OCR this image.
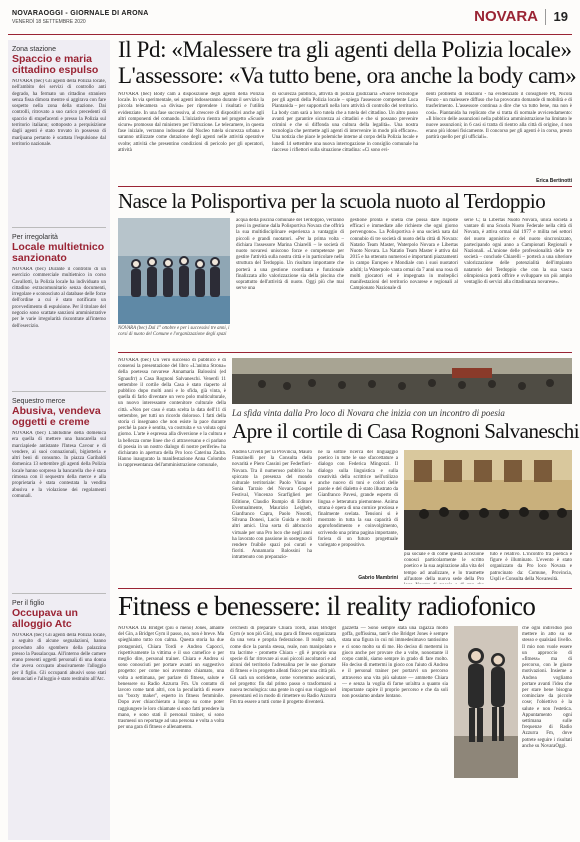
NOVARAOGGI - GIORNALE DI ARONA
VENERDÌ 18 SETTEMBRE 2020	NOVARA 19
Zona stazione
Spaccio e maria cittadino espulso
NOVARA (bec) Gli agenti della Polizia locale, nell'ambito dei servizi di controllo anti degrado, ha fermato un cittadino straniero senza fissa dimora mentre si aggirava con fare sospetto nella zona della stazione. Dai controlli, ritrovato a suo carico precedenti di spaccio di stupefacenti e presso la Polizia sul territorio italiano; sottoposto a perquisizione dagli agenti è stato trovato in possesso di marijuana pertanto è scattata l'espulsione dal territorio nazionale.
Per irregolarità
Locale multietnico sanzionato
NOVARA (bec) Durante il controllo di un esercizio commerciale multietnico in corso Cavallotti, la Polizia locale ha individuato un cittadino extracomunitario senza documenti, irregolare e sconosciuto al database delle forze dell'ordine a cui è stato notificato un provvedimento di espulsione. Per il titolare del negozio sono scattate sanzioni amministrative per le varie irregolarità riscontrate all'interno dell'esercizio.
Sequestro merce
Abusiva, vendeva oggetti e creme
NOVARA (bec) L'abitudine della domenica era quella di mettere una bancarella sul marciapiede antistante l'Intesa Cavour e di vendere, ai suoi connazionali, bigiotteria e altri beni di consumo. In piazza Garibaldi domenica 13 settembre gli agenti della Polizia locale hanno sorpreso la bancarella che è stata rimossa con il sequestro della merce e alla proprietaria è stata contestata la vendita abusiva e la violazione dei regolamenti comunali.
Per il figlio
Occupava un alloggio Atc
NOVARA (bec) Gli agenti della Polizia locale, a seguito di alcune segnalazioni, hanno proceduto allo sgombero della palazzina presso la Passalacqua. All'interno delle camere erano presenti oggetti personali di una donna che aveva occupato abusivamente l'alloggio per il figlio. Gli occupanti abusivi sono stati denunciati e l'alloggio è stato restituito all'Atc.
Il Pd: «Malessere tra gli agenti della Polizia locale»
L'assessore: «Va tutto bene, ora anche la body cam»
NOVARA (bec) Body cam a disposizione degli agenti della Polizia locale. In via sperimentale, sei agenti indosseranno durante il servizio la piccola telecamera «a divisa» per riprendere i risultati e l'utilità evidenziate. In una fase successiva, al crescere di dispositivi anche agli altri componenti del comando. L'iniziativa rientra nel progetto «Scuole sicure» promosso dal ministero per l'istruzione. Le telecamere, in questa fase iniziale, verranno indossate dal Nucleo tutela sicurezza urbana e saranno utilizzate come dotazione degli agenti nelle attività operative svolte; attività che presentino condizioni di pericolo per gli operatori, attività
di sicurezza pubblica, attività di polizia giudiziaria «Nuove tecnologie per gli agenti della Polizia locale – spiega l'assessore competente Luca Piantanida – per supportarli nella loro attività di controllo del territorio. La body cam sarà a loro tutela che a tutela del cittadino. Un altro passo avanti per garantire sicurezza ai cittadini e che si possano prevenire crimini e che si diffonda una cultura della legalità». Una nostra tecnologia che permette agli agenti di intervenire in modo più efficace». Una notizia che piace le polemiche interne al corpo della Polizia locale e lunedì 14 settembre una nuova interrogazione in consiglio comunale ha riacceso i riflettori sulla situazione cittadina: «Ci sono evi-
denti problemi di relazioni - ha evidenziato il consigliere Pd, Nicola Fonzo - un malessere diffuso che ha provocato domande di mobilità e di trasferimento. L'assessore continua a dire che va tutto bene, ma non è così». Piantanida ha replicato che si tratta di normale avvicendamento: «Il blocco delle assunzioni nella pubblica amministrazione ha limitato le nuove assunzioni; in 6 casi si tratta di rientro alla città di origine, 4 non erano più idonei fisicamente. Il concorso per gli agenti è in corso, presto partirà quello per gli ufficiali».
Erica Bertinotti
Nasce la Polisportiva per la scuola nuoto al Terdoppio
NOVARA (bec) Dal 1° ottobre e per i successivi tre anni, i corsi di nuoto del Comune e l'organizzazione degli spazi
acqua della piscina comunale del Terdoppio, verranno presi in gestione dalla Polisportiva Novara che offrirà la sua multidisciplinare esperienza a vantaggio di piccoli e grandi nuotatori. «Per la prima volta – dichiara l'assessore Marina Chiarelli – le società di nuoto novaresi uniscono forze e competenze per gestire l'attività sulla nostra città e in particolare nella struttura del Terdoppio. Un risultato importante che porterà a una gestione coordinata e funzionale finalizzata allo valorizzazione sia della piscina che soprattutto dell'attività di nuoto. Oggi più che mai serve una
gestione pronta e snella che possa dare risposte efficaci e immediate alle richieste che ogni giorno pervengono». La Polisportiva è una società nata dal connubio di tre società di nuoto della città di Novara: Natatio Team Master, Waterpolo Novara e Libertas Nuoto Novara. La Natatio Team Master è attiva dal 2015 e ha ottenuto numerosi e importanti piazzamenti in campo Europeo e Mondiale con i suoi nuotatori adulti; la Waterpolo vanta ormai da 7 anni una rosa di molti giocatori ed è impegnata in molteplici manifestazioni del territorio novarese e regionali al Campionato Nazionale di
serie C; la Libertas Nuoto Novara, unica società a vantare di una Scuola Nuoto Federale nella città di Novara, è attiva ormai dal 1977 e milita nei settori del nuoto agonistico e del nuoto sincronizzato, partecipando ogni anno a Campionati Regionali e Nazionali. «L'unione delle professionalità delle tre società – conclude Chiarelli – porterà a una ulteriore valorizzazione delle potenzialità dell'impianto natatorio del Terdoppio che con la sua vasca olimpionica potrà offrire e sviluppare un più ampio ventaglio di servizi alla cittadinanza novarese».
NOVARA (bec) Un vero successo di pubblico e di consensi la presentazione del libro «L'anima Strona» della poetessa novarese Annamaria Balossini (ed Sgnaufrr) a Casa Rognoni Salvaneschi. Venerdì 11 settembre il cortile della Casa è stato riaperto al pubblico dopo molti anni e lo sfida, già vinta, è quella di farlo diventare un vero polo multiculturale, un nuovo interessante contenitore culturale della città. «Non per caso è stata scelta la data dell'11 di settembre, per tutti un ricordo doloroso. I fatti della storia ci insegnano che non esiste la pace durante perché la pace è sentita, va costruita e va voluta ogni giorno. L'arte è espressa alla diversione e la cultura e la bellezza come linee che ci attraversano e ci parlano di poesia in un nostro dialogo di nostre periferie» ha dichiarato in apertura della Pro loco Caterina Zadra. Hanno inaugurato la manifestazione Anna Colombo in rappresentanza dell'amministrazione comunale,
La sfida vinta dalla Pro loco di Novara che inizia con un incontro di poesia
Apre il cortile di Casa Rognoni Salvaneschi
Andrea Crivelli per la Provincia, Mauro Franzinelli per la Consulta della novarità e Piero Cassini per Federfiori-Novara. Tra il numeroso pubblico ha spiccato la presenza del mondo culturale territoriale: Paolo Vinna e Sonia Tarraio del Novara Gospel Festival, Vincenzo Scarfiglieri per Editione, Claudio Rumpio di Editore Eventualmente, Maurizio Leigheb, Gianfranco Capra, Paolo Nosotti, Silvana Donesi, Lucio Guida e molti altri amici. Una sorta di abbraccio virtuale per una Pro loco che negli anni ha lavorato con passione in sostegno di rendere fruibile spazi poi curati e fioriti. Annamaria Balossini ha intrattenuto con preparazio-
ne la sottile ricerca del linguaggio poetico in tutte le sue sfaccettature a dialogo con Federica Mingozzi. Il dialogo sulla linguistica e sulla creatività della scrittrice nell'utilizzo anche nuovo di toni e colori delle parole e del dialetto è stato illustrato da Gianfranco Pavesi, grande esperto di lingua e letteratura piemontese. Anima strana è opera di una cornice preziosa e finalmente svelata. Tensioni si è mostrato in tutta la sua capacità di approfondimento e coinvolgimento, scrivendo una prima pagina importante, foriera di un futuro progettuale variegato e propositivo.
Gabrio Mambrini
pia sociale e di come questa accezione conosci particolarmente le scritto poetico e la sua aspirazione alla vita del tempo ad analizzare, e lo trasmette all'autore della nuova sede della Pro
tuto è relativo. L'incontro fra poetica e figure è illuminato. L'evento è stato organizzato da Pro loco Novara e patrocinato da: Comune, Provincia, Uspli e Consulta della Novaresità.
Fitness e benessere: il reality radiofonico
NOVARA Da Bridget (più o meno) Jones, amante del Gin, a Bridget Gym il passo, no, non è breve. Ma spieghiamo tutto con calma. Questa storia ha due protagonisti, Chiara Tordi e Andrea Capocci, rispettivamente la vittima e il suo carnefice o per meglio dire, personal trainer. Chiara e Andrea si sono conosciuti per portare avanti un suggestivo progetto: per come noi avremmo chiamato, una volta a settimana, per parlare di fitness, salute e benessere su Radio Azzurra Fm. Un contatto di lavoro come tanti altri, con la peculiarità di essere un "boxty maker", esperto in fitness femminile. Dopo aver chiacchierato a lungo su come poter raggiungere le loro chiamate si sono fatti prendere la mano, e sono stati il personal trainer, si sono trasmessi un reportage ad una persona e volta a volta per una gara di fitness e allenamento.
cerchesti di preparare Chiara Tordi, alias Bridget Gym (e non più Gin), una gara di fitness organizzata da una vera e propria federazione. Il reality sarà, come dice la parola stessa, reale, non manipolato e tra lacrime - promette Chiara - gli è proprio una specie di far ritrovare ai suoi piccoli ascoltatori e ad alcuni del territorio l'adrenalina per le sue giornate di fitness e in progetto alleati fisico per una città più. Gli sarà un sorridente, come vorremmo assicurati, nel progetto: fin dal primo passo o trasformarsi a nuova tecnologica: una gente in ogni suo viaggio nel presentarsi ed in modo di rimettere su Radio Azzurra Fm tra essere a tutti come il progetto diventerà.
gazzetta — Sono sempre stata una ragazza molto goffa, goffissima, tant'è che Bridget Jones è sempre stata una figura in cui mi immedesimavo tantissimo e ci sono molto su di me. Ho deciso di mettermi in gioco anche per provare che a volte, nonostante il corpo cambi, siamo sempre in grado di fare molto. Ho deciso di mettermi in gioco con l'aiuto di Andrea e il personal trainer per portarvi un percorso attraverso una vita più salutare — ammette Chiara — e senza la voglia di farne un'altra a quanto sia importante capire il proprio percorso e che da soli non possiamo andare lontano.
che ogni individuo può mettere in atto su se stesso e qualsiasi livello. Il mio non vuole essere un approccio di «fitness» ma di percorso, con le giuste motivazioni. Insieme a Andrea vogliamo portare avanti l'idea che per stare bene bisogna cominciare da piccole cose; l'obiettivo è la salute e non l'estetica. Appuntamento ogni settimana sulle frequenze di Radio Azzurra Fm, dove potrete seguire i risultati anche su NovaraOggi.
